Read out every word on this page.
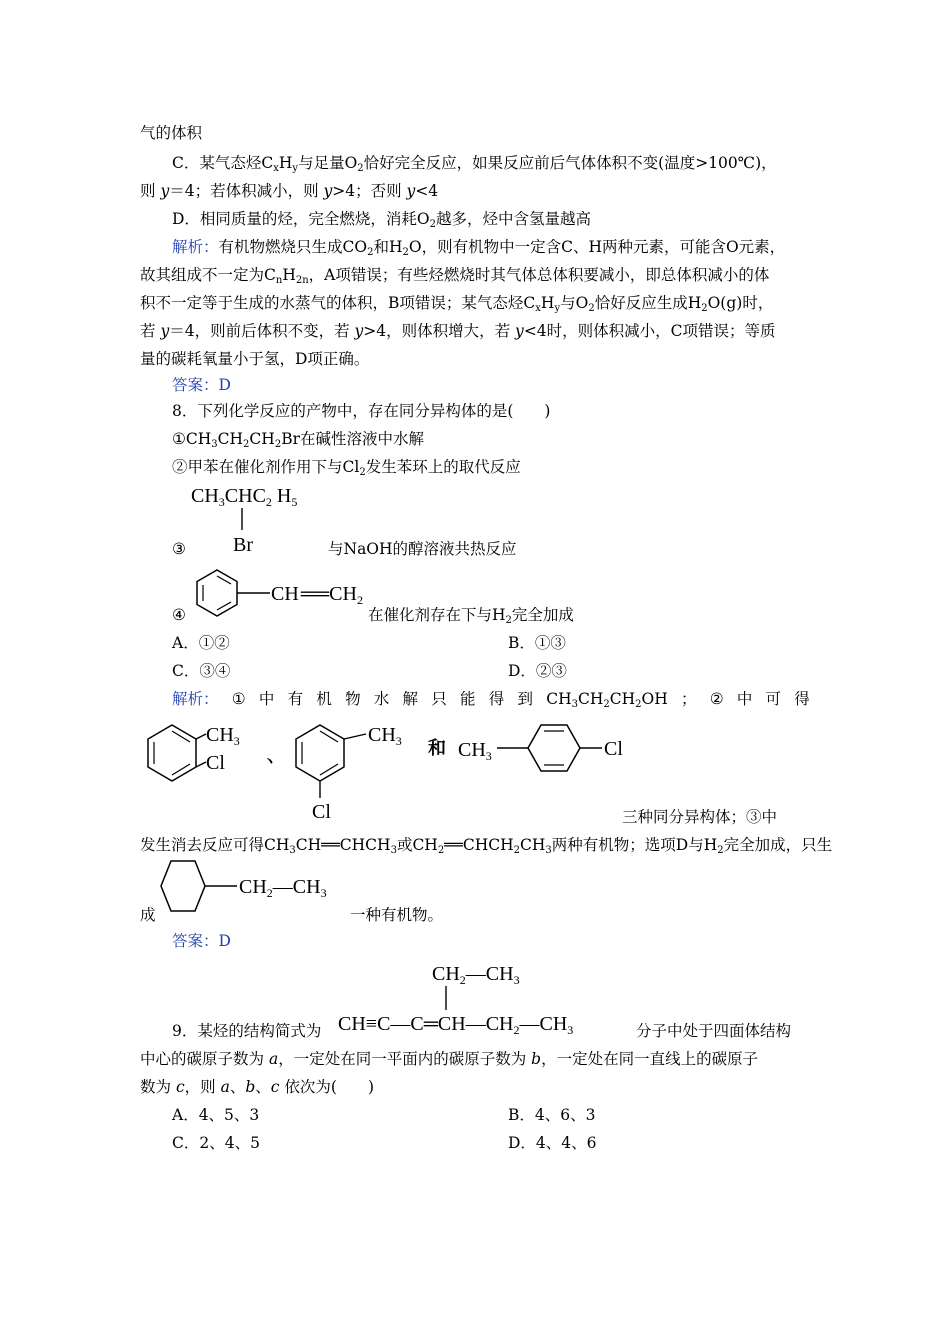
气的体积
C．某气态烃$C_xH_y$与足量$O_2$恰好完全反应，如果反应前后气体体积不变(温度>100℃)，
则 y＝4；若体积减小，则 y>4；否则 y<4
D．相同质量的烃，完全燃烧，消耗$O_2$越多，烃中含氢量越高
解析：有机物燃烧只生成$CO_2$和$H_2O$，则有机物中一定含C、H两种元素，可能含O元素，
故其组成不一定为$C_nH_{2n}$，A项错误；有些烃燃烧时其气体总体积要减小，即总体积减小的体
积不一定等于生成的水蒸气的体积，B项错误；某气态烃$C_xH_y$与$O_2$恰好反应生成$H_2O(g)$时，
若 y＝4，则前后体积不变，若 y>4，则体积增大，若 y<4时，则体积减小，C项错误；等质
量的碳耗氧量小于氢，D项正确。
答案：D
8．下列化学反应的产物中，存在同分异构体的是(　　)
$①CH_3CH_2CH_2Br$在碱性溶液中水解
②甲苯在催化剂作用下与$Cl_2$发生苯环上的取代反应
$CH_3CHC_2$ $H_5$
Br
③	与NaOH的醇溶液共热反应
CH $══CH_2$
④	在催化剂存在下与$H_2$完全加成
A．①②	B．①③
C．③④	D．②③
解析： ① 中 有 机 物 水 解 只 能 得 到 $CH_3CH_2CH_2OH$ ； ② 中 可 得
$CH_3$
Cl 、
$CH_3$
Cl
和 $CH_3$	Cl
三种同分异构体；③中
发生消去反应可得$CH_3CH══CHCH_3$或$CH_2══CHCH_2CH_3$两种有机物；选项D与$H_2$完全加成，只生
$CH_2—CH_3$
成	一种有机物。
答案：D
$CH_2—CH_3$
$CH\equiv C—C═CH—CH_2—CH_3$
9．某烃的结构简式为	分子中处于四面体结构
中心的碳原子数为 a，一定处在同一平面内的碳原子数为 b，一定处在同一直线上的碳原子
数为 c，则 a、b、c 依次为(　　)
A．4、5、3	B．4、6、3
C．2、4、5	D．4、4、6
